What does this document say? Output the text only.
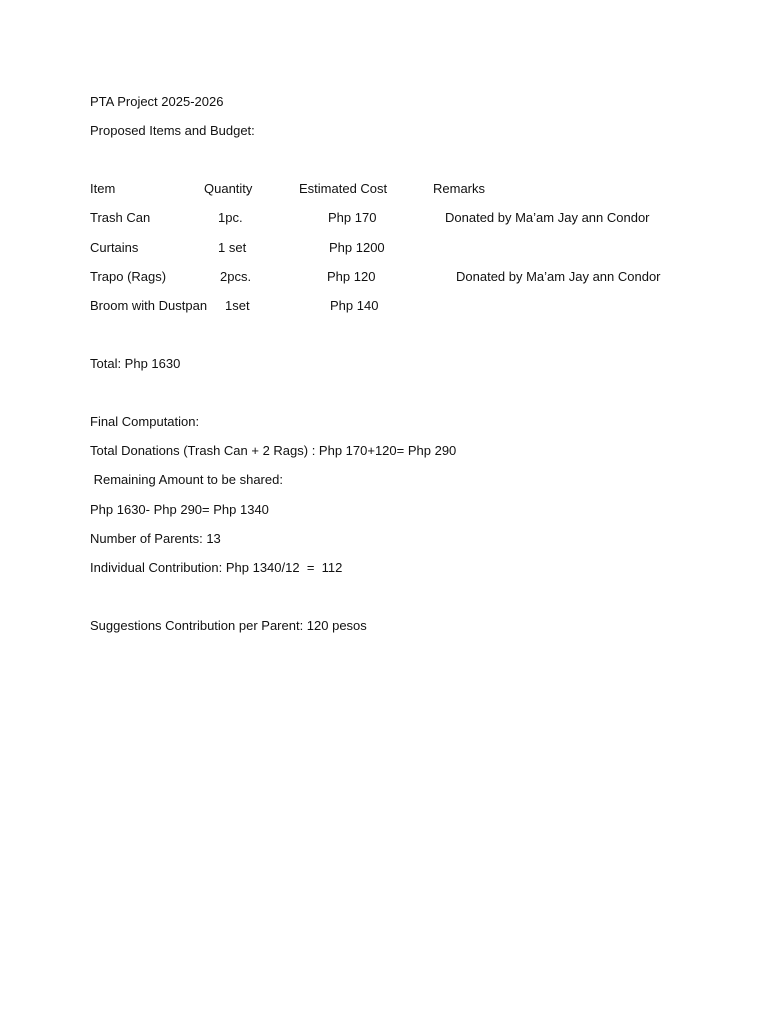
PTA Project 2025-2026
Proposed Items and Budget:
Item	Quantity	Estimated Cost	Remarks
Trash Can	1pc.	Php 170	Donated by Ma’am Jay ann Condor
Curtains	1 set	Php 1200
Trapo (Rags)	2pcs.	Php 120	Donated by Ma’am Jay ann Condor
Broom with Dustpan 1set	Php 140
Total: Php 1630
Final Computation:
Total Donations (Trash Can + 2 Rags) : Php 170+120= Php 290
Remaining Amount to be shared:
Php 1630- Php 290= Php 1340
Number of Parents: 13
Individual Contribution: Php 1340/12  =  112
Suggestions Contribution per Parent: 120 pesos
